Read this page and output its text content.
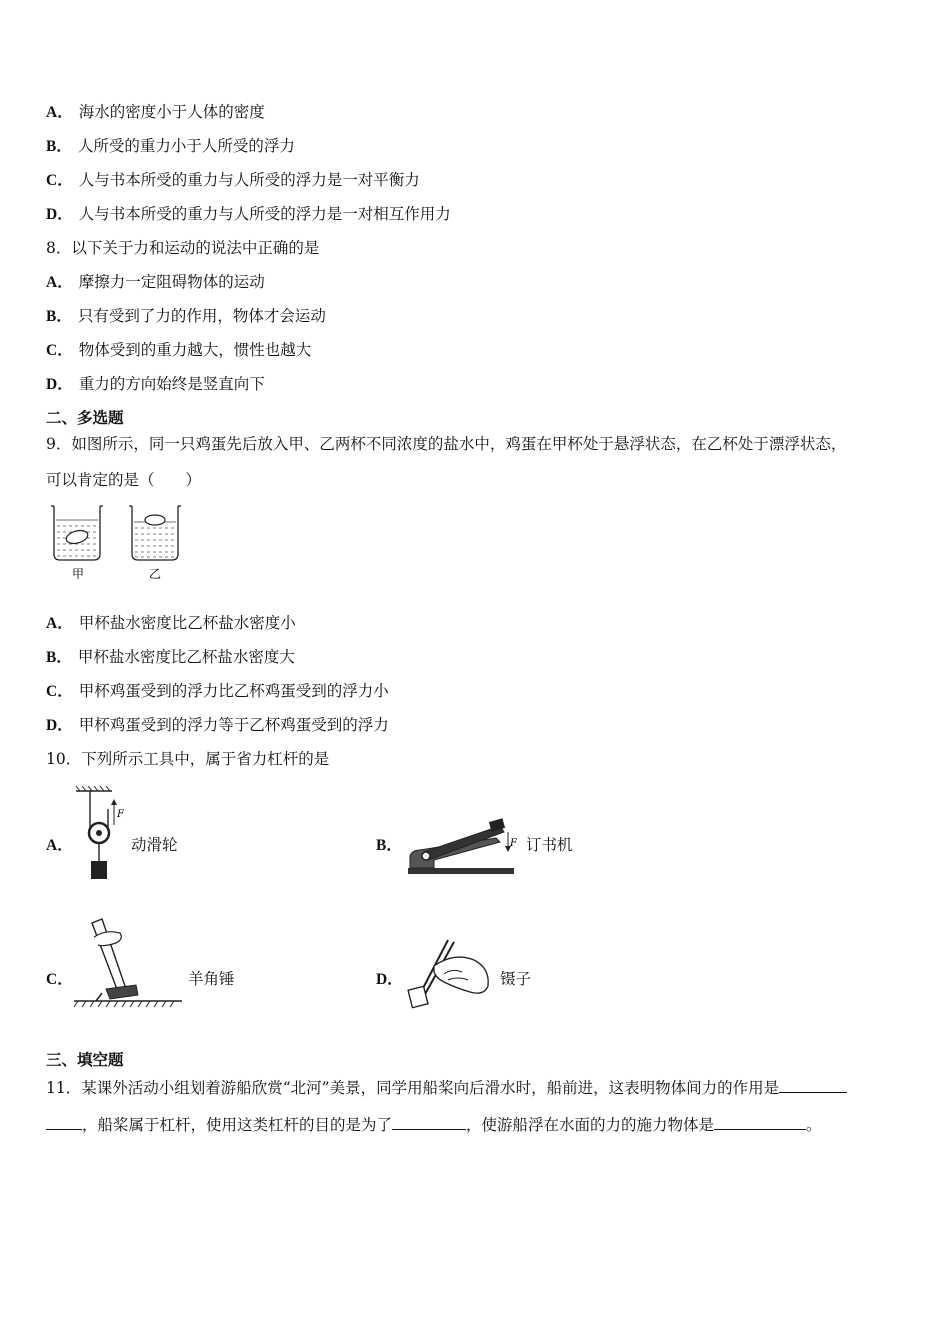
A． 海水的密度小于人体的密度
B． 人所受的重力小于人所受的浮力
C． 人与书本所受的重力与人所受的浮力是一对平衡力
D． 人与书本所受的重力与人所受的浮力是一对相互作用力
8．以下关于力和运动的说法中正确的是
A． 摩擦力一定阻碍物体的运动
B． 只有受到了力的作用，物体才会运动
C． 物体受到的重力越大，惯性也越大
D． 重力的方向始终是竖直向下
二、多选题
9．如图所示，同一只鸡蛋先后放入甲、乙两杯不同浓度的盐水中，鸡蛋在甲杯处于悬浮状态，在乙杯处于漂浮状态，
可以肯定的是（　　）
甲	乙
A． 甲杯盐水密度比乙杯盐水密度小
B． 甲杯盐水密度比乙杯盐水密度大
C． 甲杯鸡蛋受到的浮力比乙杯鸡蛋受到的浮力小
D． 甲杯鸡蛋受到的浮力等于乙杯鸡蛋受到的浮力
10．下列所示工具中，属于省力杠杆的是
A．
F
动滑轮	B．	F 订书机
C．	羊角锤	D．	镊子
三、填空题
11．某课外活动小组划着游船欣赏“北河”美景，同学用船桨向后滑水时，船前进，这表明物体间力的作用是
，船桨属于杠杆，使用这类杠杆的目的是为了	，使游船浮在水面的力的施力物体是	。
